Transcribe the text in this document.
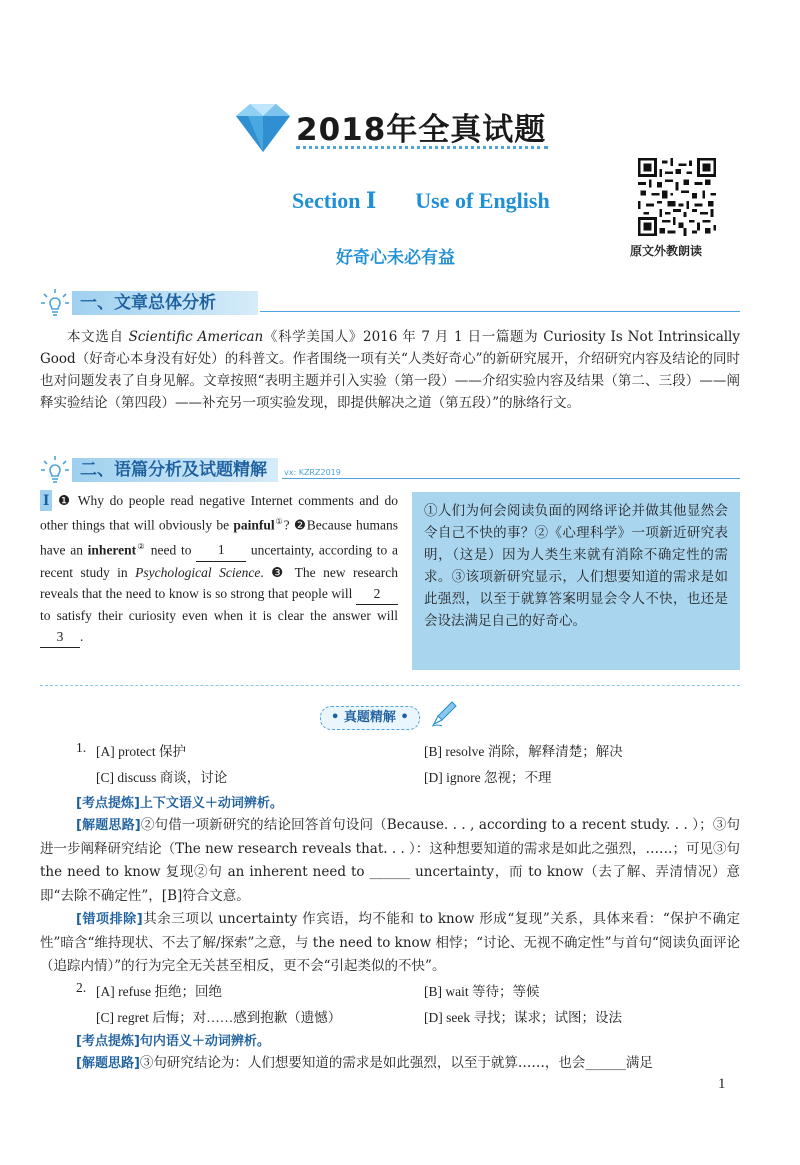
2018年全真试题
Section Ⅰ Use of English
好奇心未必有益	原文外教朗读
一、文章总体分析
本文选自 Scientific American《科学美国人》2016 年 7 月 1 日一篇题为 Curiosity Is Not Intrinsically Good（好奇心本身没有好处）的科普文。作者围绕一项有关“人类好奇心”的新研究展开，介绍研究内容及结论的同时也对问题发表了自身见解。文章按照“表明主题并引入实验（第一段）——介绍实验内容及结果（第二、三段）——阐释实验结论（第四段）——补充另一项实验发现，即提供解决之道（第五段）”的脉络行文。
二、语篇分析及试题精解 vx: KZRZ2019
Ⅰ ❶ Why do people read negative Internet comments and do other things that will obviously be painful①? ❷Because humans have an inherent② need to 1 uncertainty, according to a recent study in Psychological Science. ❸ The new research reveals that the need to know is so strong that people will 2 to satisfy their curiosity even when it is clear the answer will 3 .
①人们为何会阅读负面的网络评论并做其他显然会令自己不快的事？②《心理科学》一项新近研究表明，（这是）因为人类生来就有消除不确定性的需求。③该项新研究显示，人们想要知道的需求是如此强烈，以至于就算答案明显会令人不快，也还是会设法满足自己的好奇心。
• 真题精解 •
1. [A] protect 保护	[B] resolve 消除，解释清楚；解决
[C] discuss 商谈，讨论	[D] ignore 忽视；不理
[考点提炼]上下文语义＋动词辨析。
[解题思路]②句借一项新研究的结论回答首句设问（Because. . . , according to a recent study. . . ）；③句进一步阐释研究结论（The new research reveals that. . . ）：这种想要知道的需求是如此之强烈，……；可见③句 the need to know 复现②句 an inherent need to ______ uncertainty，而 to know（去了解、弄清情况）意即“去除不确定性”，[B]符合文意。
[错项排除]其余三项以 uncertainty 作宾语，均不能和 to know 形成“复现”关系，具体来看：“保护不确定性”暗含“维持现状、不去了解/探索”之意，与 the need to know 相悖；“讨论、无视不确定性”与首句“阅读负面评论（追踪内情）”的行为完全无关甚至相反，更不会“引起类似的不快”。
2. [A] refuse 拒绝；回绝	[B] wait 等待；等候
[C] regret 后悔；对……感到抱歉（遗憾）	[D] seek 寻找；谋求；试图；设法
[考点提炼]句内语义＋动词辨析。
[解题思路]③句研究结论为：人们想要知道的需求是如此强烈，以至于就算……，也会______满足
1
